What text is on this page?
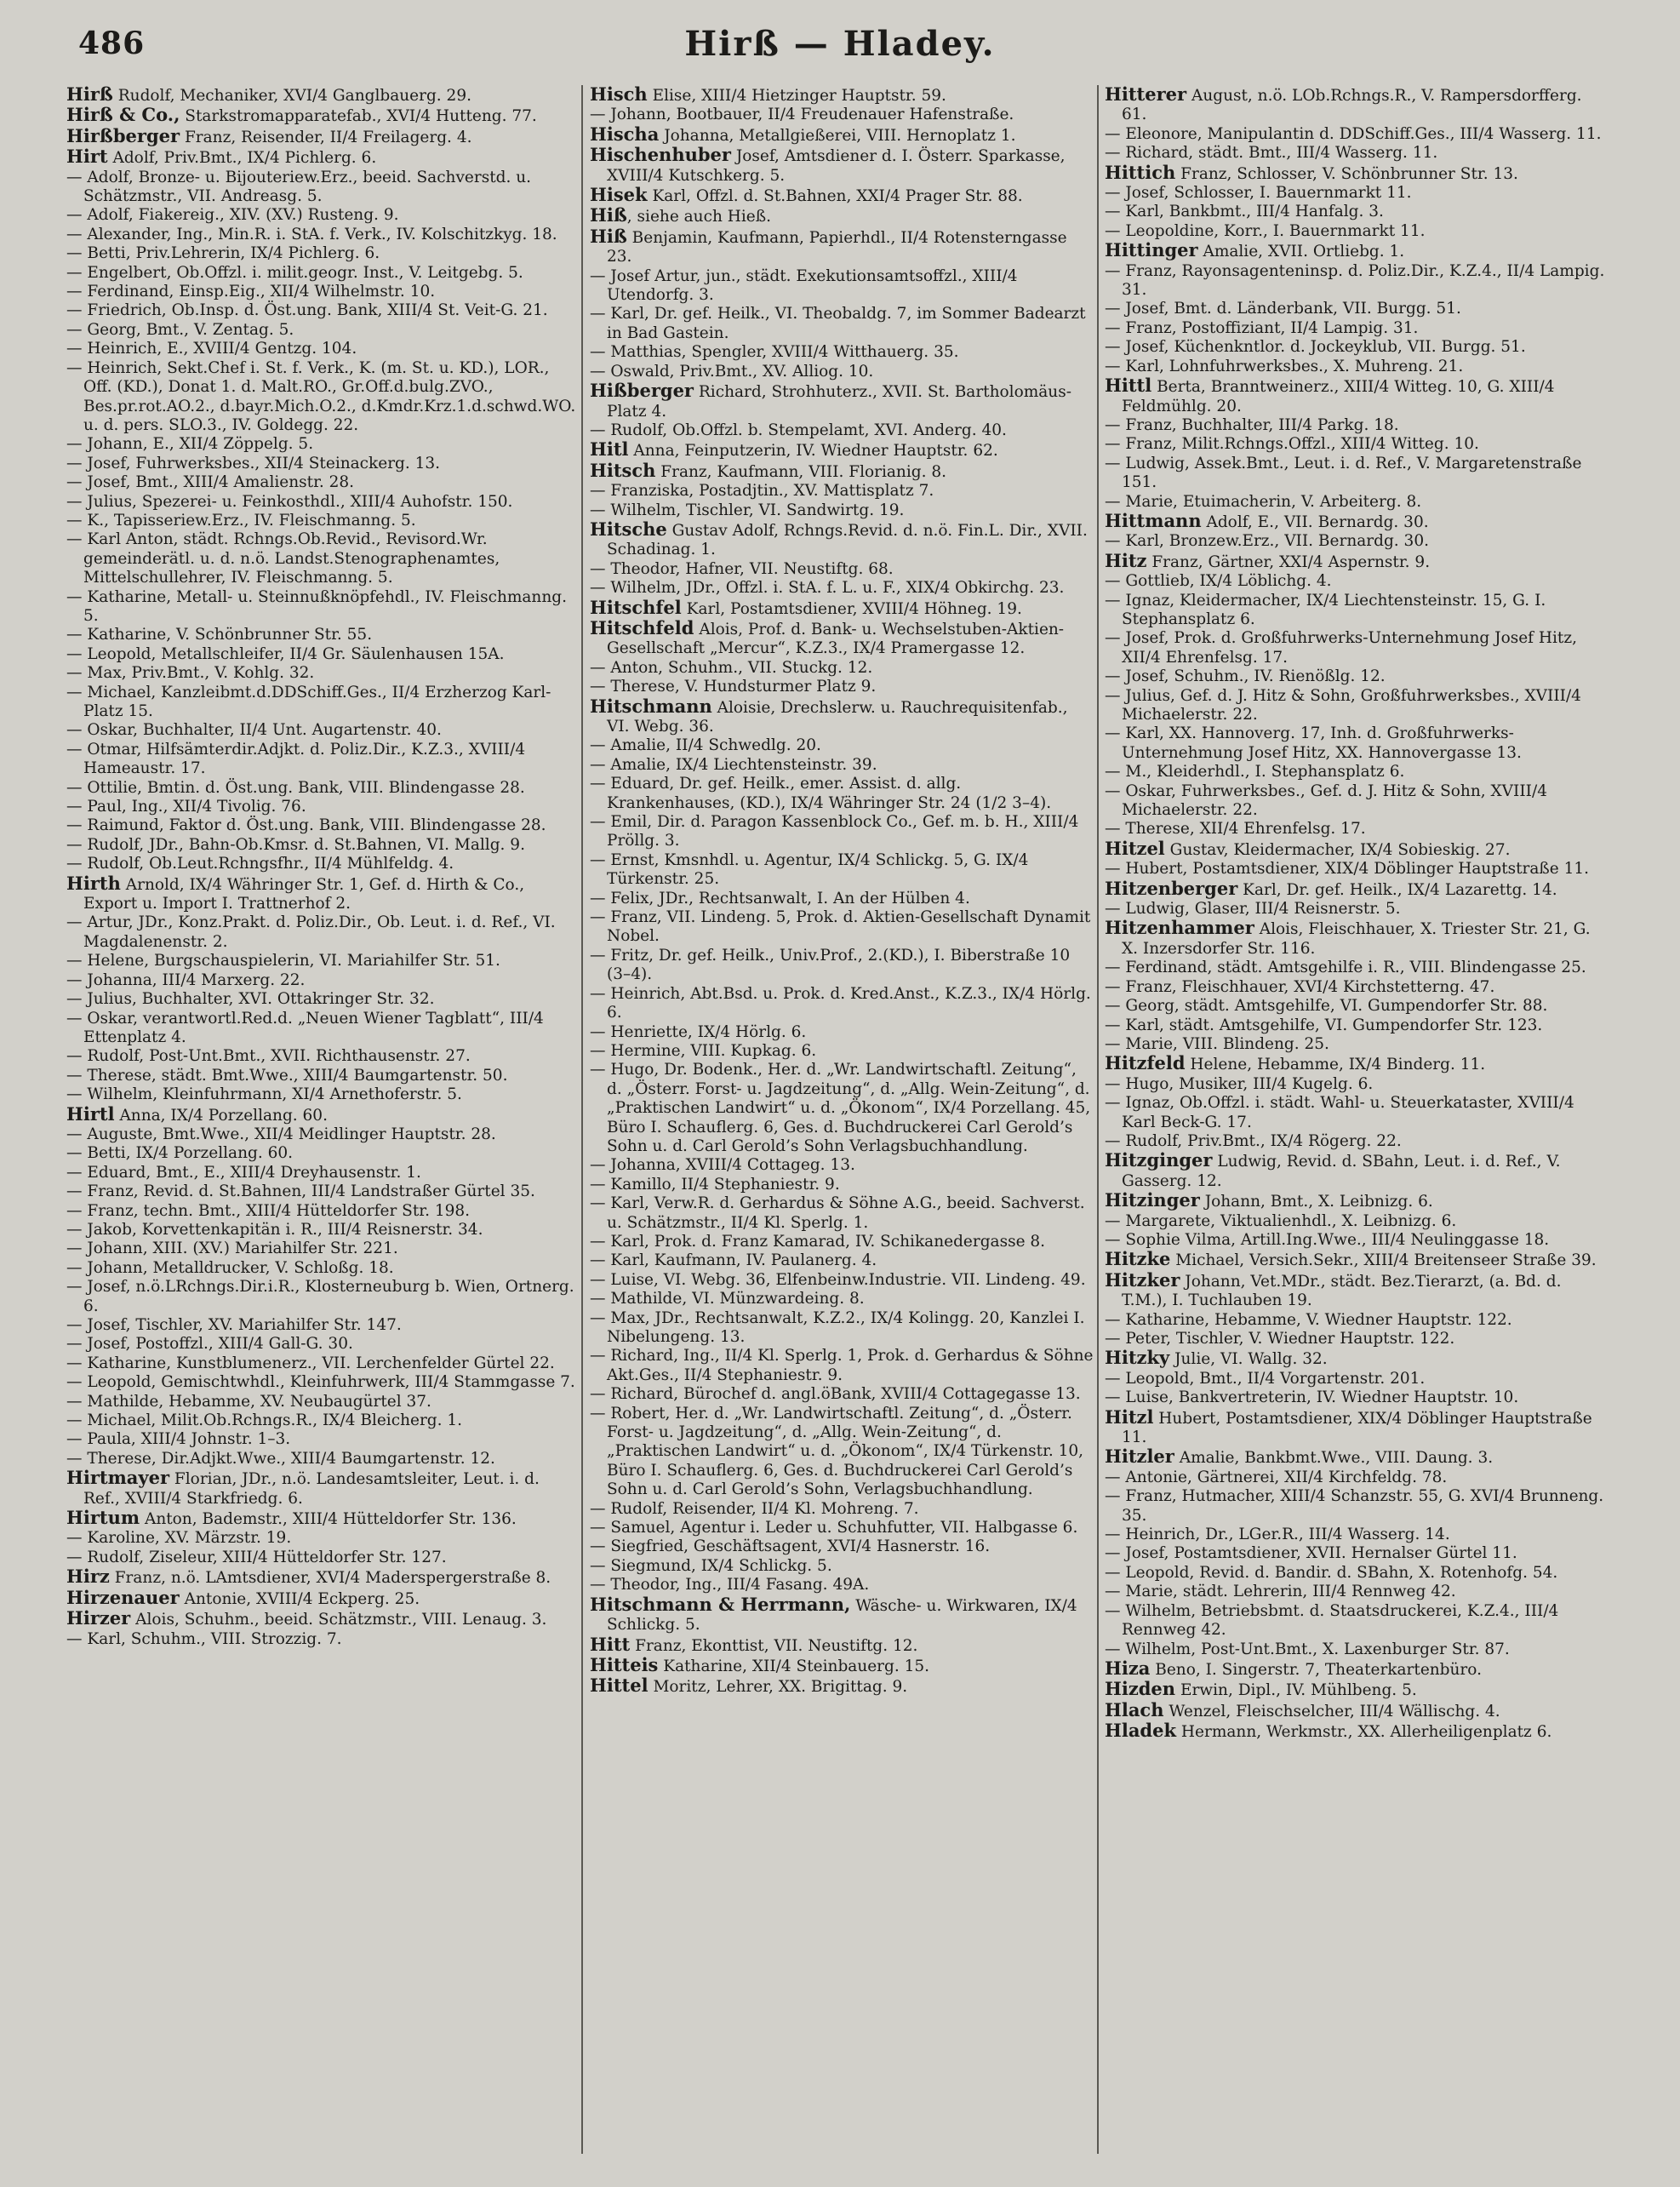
486	Hirß — Hladey.

Hirß Rudolf, Mechaniker, XVI/4 Ganglbauerg. 29.

Hirß & Co., Starkstromapparatefab., XVI/4 Hutteng. 77.

Hirßberger Franz, Reisender, II/4 Freilagerg. 4.

Hirt Adolf, Priv.Bmt., IX/4 Pichlerg. 6.

— Adolf, Bronze- u. Bijouteriew.Erz., beeid. Sachverstd. u. Schätzmstr., VII. Andreasg. 5.

— Adolf, Fiakereig., XIV. (XV.) Rusteng. 9.

— Alexander, Ing., Min.R. i. StA. f. Verk., IV. Kolschitzkyg. 18.

— Betti, Priv.Lehrerin, IX/4 Pichlerg. 6.

— Engelbert, Ob.Offzl. i. milit.geogr. Inst., V. Leitgebg. 5.

— Ferdinand, Einsp.Eig., XII/4 Wilhelmstr. 10.

— Friedrich, Ob.Insp. d. Öst.ung. Bank, XIII/4 St. Veit-G. 21.

— Georg, Bmt., V. Zentag. 5.

— Heinrich, E., XVIII/4 Gentzg. 104.

— Heinrich, Sekt.Chef i. St. f. Verk., K. (m. St. u. KD.), LOR., Off. (KD.), Donat 1. d. Malt.RO., Gr.Off.d.bulg.ZVO., Bes.pr.rot.AO.2., d.bayr.Mich.O.2., d.Kmdr.Krz.1.d.schwd.WO. u. d. pers. SLO.3., IV. Goldegg. 22.

— Johann, E., XII/4 Zöppelg. 5.

— Josef, Fuhrwerksbes., XII/4 Steinackerg. 13.

— Josef, Bmt., XIII/4 Amalienstr. 28.

— Julius, Spezerei- u. Feinkosthdl., XIII/4 Auhofstr. 150.

— K., Tapisseriew.Erz., IV. Fleischmanng. 5.

— Karl Anton, städt. Rchngs.Ob.Revid., Revisord.Wr. gemeinderätl. u. d. n.ö. Landst.Stenographenamtes, Mittelschullehrer, IV. Fleischmanng. 5.

— Katharine, Metall- u. Steinnußknöpfehdl., IV. Fleischmanng. 5.

— Katharine, V. Schönbrunner Str. 55.

— Leopold, Metallschleifer, II/4 Gr. Säulenhausen 15A.

— Max, Priv.Bmt., V. Kohlg. 32.

— Michael, Kanzleibmt.d.DDSchiff.Ges., II/4 Erzherzog Karl-Platz 15.

— Oskar, Buchhalter, II/4 Unt. Augartenstr. 40.

— Otmar, Hilfsämterdir.Adjkt. d. Poliz.Dir., K.Z.3., XVIII/4 Hameaustr. 17.

— Ottilie, Bmtin. d. Öst.ung. Bank, VIII. Blindengasse 28.

— Paul, Ing., XII/4 Tivolig. 76.

— Raimund, Faktor d. Öst.ung. Bank, VIII. Blindengasse 28.

— Rudolf, JDr., Bahn-Ob.Kmsr. d. St.Bahnen, VI. Mallg. 9.

— Rudolf, Ob.Leut.Rchngsfhr., II/4 Mühlfeldg. 4.

Hirth Arnold, IX/4 Währinger Str. 1, Gef. d. Hirth & Co., Export u. Import I. Trattnerhof 2.

— Artur, JDr., Konz.Prakt. d. Poliz.Dir., Ob. Leut. i. d. Ref., VI. Magdalenenstr. 2.

— Helene, Burgschauspielerin, VI. Mariahilfer Str. 51.

— Johanna, III/4 Marxerg. 22.

— Julius, Buchhalter, XVI. Ottakringer Str. 32.

— Oskar, verantwortl.Red.d. „Neuen Wiener Tagblatt“, III/4 Ettenplatz 4.

— Rudolf, Post-Unt.Bmt., XVII. Richthausenstr. 27.

— Therese, städt. Bmt.Wwe., XIII/4 Baumgartenstr. 50.

— Wilhelm, Kleinfuhrmann, XI/4 Arnethoferstr. 5.

Hirtl Anna, IX/4 Porzellang. 60.

— Auguste, Bmt.Wwe., XII/4 Meidlinger Hauptstr. 28.

— Betti, IX/4 Porzellang. 60.

— Eduard, Bmt., E., XIII/4 Dreyhausenstr. 1.

— Franz, Revid. d. St.Bahnen, III/4 Landstraßer Gürtel 35.

— Franz, techn. Bmt., XIII/4 Hütteldorfer Str. 198.

— Jakob, Korvettenkapitän i. R., III/4 Reisnerstr. 34.

— Johann, XIII. (XV.) Mariahilfer Str. 221.

— Johann, Metalldrucker, V. Schloßg. 18.

— Josef, n.ö.LRchngs.Dir.i.R., Klosterneuburg b. Wien, Ortnerg. 6.

— Josef, Tischler, XV. Mariahilfer Str. 147.

— Josef, Postoffzl., XIII/4 Gall-G. 30.

— Katharine, Kunstblumenerz., VII. Lerchenfelder Gürtel 22.

— Leopold, Gemischtwhdl., Kleinfuhrwerk, III/4 Stammgasse 7.

— Mathilde, Hebamme, XV. Neubaugürtel 37.

— Michael, Milit.Ob.Rchngs.R., IX/4 Bleicherg. 1.

— Paula, XIII/4 Johnstr. 1–3.

— Therese, Dir.Adjkt.Wwe., XIII/4 Baumgartenstr. 12.

Hirtmayer Florian, JDr., n.ö. Landesamtsleiter, Leut. i. d. Ref., XVIII/4 Starkfriedg. 6.

Hirtum Anton, Bademstr., XIII/4 Hütteldorfer Str. 136.

— Karoline, XV. Märzstr. 19.

— Rudolf, Ziseleur, XIII/4 Hütteldorfer Str. 127.

Hirz Franz, n.ö. LAmtsdiener, XVI/4 Maderspergerstraße 8.

Hirzenauer Antonie, XVIII/4 Eckperg. 25.

Hirzer Alois, Schuhm., beeid. Schätzmstr., VIII. Lenaug. 3.

— Karl, Schuhm., VIII. Strozzig. 7.

Hisch Elise, XIII/4 Hietzinger Hauptstr. 59.

— Johann, Bootbauer, II/4 Freudenauer Hafenstraße.

Hischa Johanna, Metallgießerei, VIII. Hernoplatz 1.

Hischenhuber Josef, Amtsdiener d. I. Österr. Sparkasse, XVIII/4 Kutschkerg. 5.

Hisek Karl, Offzl. d. St.Bahnen, XXI/4 Prager Str. 88.

Hiß, siehe auch Hieß.

Hiß Benjamin, Kaufmann, Papierhdl., II/4 Rotensterngasse 23.

— Josef Artur, jun., städt. Exekutionsamtsoffzl., XIII/4 Utendorfg. 3.

— Karl, Dr. gef. Heilk., VI. Theobaldg. 7, im Sommer Badearzt in Bad Gastein.

— Matthias, Spengler, XVIII/4 Witthauerg. 35.

— Oswald, Priv.Bmt., XV. Alliog. 10.

Hißberger Richard, Strohhuterz., XVII. St. Bartholomäus-Platz 4.

— Rudolf, Ob.Offzl. b. Stempelamt, XVI. Anderg. 40.

Hitl Anna, Feinputzerin, IV. Wiedner Hauptstr. 62.

Hitsch Franz, Kaufmann, VIII. Florianig. 8.

— Franziska, Postadjtin., XV. Mattisplatz 7.

— Wilhelm, Tischler, VI. Sandwirtg. 19.

Hitsche Gustav Adolf, Rchngs.Revid. d. n.ö. Fin.L. Dir., XVII. Schadinag. 1.

— Theodor, Hafner, VII. Neustiftg. 68.

— Wilhelm, JDr., Offzl. i. StA. f. L. u. F., XIX/4 Obkirchg. 23.

Hitschfel Karl, Postamtsdiener, XVIII/4 Höhneg. 19.

Hitschfeld Alois, Prof. d. Bank- u. Wechselstuben-Aktien-Gesellschaft „Mercur“, K.Z.3., IX/4 Pramergasse 12.

— Anton, Schuhm., VII. Stuckg. 12.

— Therese, V. Hundsturmer Platz 9.

Hitschmann Aloisie, Drechslerw. u. Rauchrequisitenfab., VI. Webg. 36.

— Amalie, II/4 Schwedlg. 20.

— Amalie, IX/4 Liechtensteinstr. 39.

— Eduard, Dr. gef. Heilk., emer. Assist. d. allg. Krankenhauses, (KD.), IX/4 Währinger Str. 24 (1/2 3–4).

— Emil, Dir. d. Paragon Kassenblock Co., Gef. m. b. H., XIII/4 Pröllg. 3.

— Ernst, Kmsnhdl. u. Agentur, IX/4 Schlickg. 5, G. IX/4 Türkenstr. 25.

— Felix, JDr., Rechtsanwalt, I. An der Hülben 4.

— Franz, VII. Lindeng. 5, Prok. d. Aktien-Gesellschaft Dynamit Nobel.

— Fritz, Dr. gef. Heilk., Univ.Prof., 2.(KD.), I. Biberstraße 10 (3–4).

— Heinrich, Abt.Bsd. u. Prok. d. Kred.Anst., K.Z.3., IX/4 Hörlg. 6.

— Henriette, IX/4 Hörlg. 6.

— Hermine, VIII. Kupkag. 6.

— Hugo, Dr. Bodenk., Her. d. „Wr. Landwirtschaftl. Zeitung“, d. „Österr. Forst- u. Jagdzeitung“, d. „Allg. Wein-Zeitung“, d. „Praktischen Landwirt“ u. d. „Ökonom“, IX/4 Porzellang. 45, Büro I. Schauflerg. 6, Ges. d. Buchdruckerei Carl Gerold’s Sohn u. d. Carl Gerold’s Sohn Verlagsbuchhandlung.

— Johanna, XVIII/4 Cottageg. 13.

— Kamillo, II/4 Stephaniestr. 9.

— Karl, Verw.R. d. Gerhardus & Söhne A.G., beeid. Sachverst. u. Schätzmstr., II/4 Kl. Sperlg. 1.

— Karl, Prok. d. Franz Kamarad, IV. Schikanedergasse 8.

— Karl, Kaufmann, IV. Paulanerg. 4.

— Luise, VI. Webg. 36, Elfenbeinw.Industrie. VII. Lindeng. 49.

— Mathilde, VI. Münzwardeing. 8.

— Max, JDr., Rechtsanwalt, K.Z.2., IX/4 Kolingg. 20, Kanzlei I. Nibelungeng. 13.

— Richard, Ing., II/4 Kl. Sperlg. 1, Prok. d. Gerhardus & Söhne Akt.Ges., II/4 Stephaniestr. 9.

— Richard, Bürochef d. angl.öBank, XVIII/4 Cottagegasse 13.

— Robert, Her. d. „Wr. Landwirtschaftl. Zeitung“, d. „Österr. Forst- u. Jagdzeitung“, d. „Allg. Wein-Zeitung“, d. „Praktischen Landwirt“ u. d. „Ökonom“, IX/4 Türkenstr. 10, Büro I. Schauflerg. 6, Ges. d. Buchdruckerei Carl Gerold’s Sohn u. d. Carl Gerold’s Sohn, Verlagsbuchhandlung.

— Rudolf, Reisender, II/4 Kl. Mohreng. 7.

— Samuel, Agentur i. Leder u. Schuhfutter, VII. Halbgasse 6.

— Siegfried, Geschäftsagent, XVI/4 Hasnerstr. 16.

— Siegmund, IX/4 Schlickg. 5.

— Theodor, Ing., III/4 Fasang. 49A.

Hitschmann & Herrmann, Wäsche- u. Wirkwaren, IX/4 Schlickg. 5.

Hitt Franz, Ekonttist, VII. Neustiftg. 12.

Hitteis Katharine, XII/4 Steinbauerg. 15.

Hittel Moritz, Lehrer, XX. Brigittag. 9.

Hitterer August, n.ö. LOb.Rchngs.R., V. Rampersdorfferg. 61.

— Eleonore, Manipulantin d. DDSchiff.Ges., III/4 Wasserg. 11.

— Richard, städt. Bmt., III/4 Wasserg. 11.

Hittich Franz, Schlosser, V. Schönbrunner Str. 13.

— Josef, Schlosser, I. Bauernmarkt 11.

— Karl, Bankbmt., III/4 Hanfalg. 3.

— Leopoldine, Korr., I. Bauernmarkt 11.

Hittinger Amalie, XVII. Ortliebg. 1.

— Franz, Rayonsagenteninsp. d. Poliz.Dir., K.Z.4., II/4 Lampig. 31.

— Josef, Bmt. d. Länderbank, VII. Burgg. 51.

— Franz, Postoffiziant, II/4 Lampig. 31.

— Josef, Küchenkntlor. d. Jockeyklub, VII. Burgg. 51.

— Karl, Lohnfuhrwerksbes., X. Muhreng. 21.

Hittl Berta, Branntweinerz., XIII/4 Witteg. 10, G. XIII/4 Feldmühlg. 20.

— Franz, Buchhalter, III/4 Parkg. 18.

— Franz, Milit.Rchngs.Offzl., XIII/4 Witteg. 10.

— Ludwig, Assek.Bmt., Leut. i. d. Ref., V. Margaretenstraße 151.

— Marie, Etuimacherin, V. Arbeiterg. 8.

Hittmann Adolf, E., VII. Bernardg. 30.

— Karl, Bronzew.Erz., VII. Bernardg. 30.

Hitz Franz, Gärtner, XXI/4 Aspernstr. 9.

— Gottlieb, IX/4 Löblichg. 4.

— Ignaz, Kleidermacher, IX/4 Liechtensteinstr. 15, G. I. Stephansplatz 6.

— Josef, Prok. d. Großfuhrwerks-Unternehmung Josef Hitz, XII/4 Ehrenfelsg. 17.

— Josef, Schuhm., IV. Rienößlg. 12.

— Julius, Gef. d. J. Hitz & Sohn, Großfuhrwerksbes., XVIII/4 Michaelerstr. 22.

— Karl, XX. Hannoverg. 17, Inh. d. Großfuhrwerks-Unternehmung Josef Hitz, XX. Hannovergasse 13.

— M., Kleiderhdl., I. Stephansplatz 6.

— Oskar, Fuhrwerksbes., Gef. d. J. Hitz & Sohn, XVIII/4 Michaelerstr. 22.

— Therese, XII/4 Ehrenfelsg. 17.

Hitzel Gustav, Kleidermacher, IX/4 Sobieskig. 27.

— Hubert, Postamtsdiener, XIX/4 Döblinger Hauptstraße 11.

Hitzenberger Karl, Dr. gef. Heilk., IX/4 Lazarettg. 14.

— Ludwig, Glaser, III/4 Reisnerstr. 5.

Hitzenhammer Alois, Fleischhauer, X. Triester Str. 21, G. X. Inzersdorfer Str. 116.

— Ferdinand, städt. Amtsgehilfe i. R., VIII. Blindengasse 25.

— Franz, Fleischhauer, XVI/4 Kirchstetterng. 47.

— Georg, städt. Amtsgehilfe, VI. Gumpendorfer Str. 88.

— Karl, städt. Amtsgehilfe, VI. Gumpendorfer Str. 123.

— Marie, VIII. Blindeng. 25.

Hitzfeld Helene, Hebamme, IX/4 Binderg. 11.

— Hugo, Musiker, III/4 Kugelg. 6.

— Ignaz, Ob.Offzl. i. städt. Wahl- u. Steuerkataster, XVIII/4 Karl Beck-G. 17.

— Rudolf, Priv.Bmt., IX/4 Rögerg. 22.

Hitzginger Ludwig, Revid. d. SBahn, Leut. i. d. Ref., V. Gasserg. 12.

Hitzinger Johann, Bmt., X. Leibnizg. 6.

— Margarete, Viktualienhdl., X. Leibnizg. 6.

— Sophie Vilma, Artill.Ing.Wwe., III/4 Neulinggasse 18.

Hitzke Michael, Versich.Sekr., XIII/4 Breitenseer Straße 39.

Hitzker Johann, Vet.MDr., städt. Bez.Tierarzt, (a. Bd. d. T.M.), I. Tuchlauben 19.

— Katharine, Hebamme, V. Wiedner Hauptstr. 122.

— Peter, Tischler, V. Wiedner Hauptstr. 122.

Hitzky Julie, VI. Wallg. 32.

— Leopold, Bmt., II/4 Vorgartenstr. 201.

— Luise, Bankvertreterin, IV. Wiedner Hauptstr. 10.

Hitzl Hubert, Postamtsdiener, XIX/4 Döblinger Hauptstraße 11.

Hitzler Amalie, Bankbmt.Wwe., VIII. Daung. 3.

— Antonie, Gärtnerei, XII/4 Kirchfeldg. 78.

— Franz, Hutmacher, XIII/4 Schanzstr. 55, G. XVI/4 Brunneng. 35.

— Heinrich, Dr., LGer.R., III/4 Wasserg. 14.

— Josef, Postamtsdiener, XVII. Hernalser Gürtel 11.

— Leopold, Revid. d. Bandir. d. SBahn, X. Rotenhofg. 54.

— Marie, städt. Lehrerin, III/4 Rennweg 42.

— Wilhelm, Betriebsbmt. d. Staatsdruckerei, K.Z.4., III/4 Rennweg 42.

— Wilhelm, Post-Unt.Bmt., X. Laxenburger Str. 87.

Hiza Beno, I. Singerstr. 7, Theaterkartenbüro.

Hizden Erwin, Dipl., IV. Mühlbeng. 5.

Hlach Wenzel, Fleischselcher, III/4 Wällischg. 4.

Hladek Hermann, Werkmstr., XX. Allerheiligenplatz 6.
